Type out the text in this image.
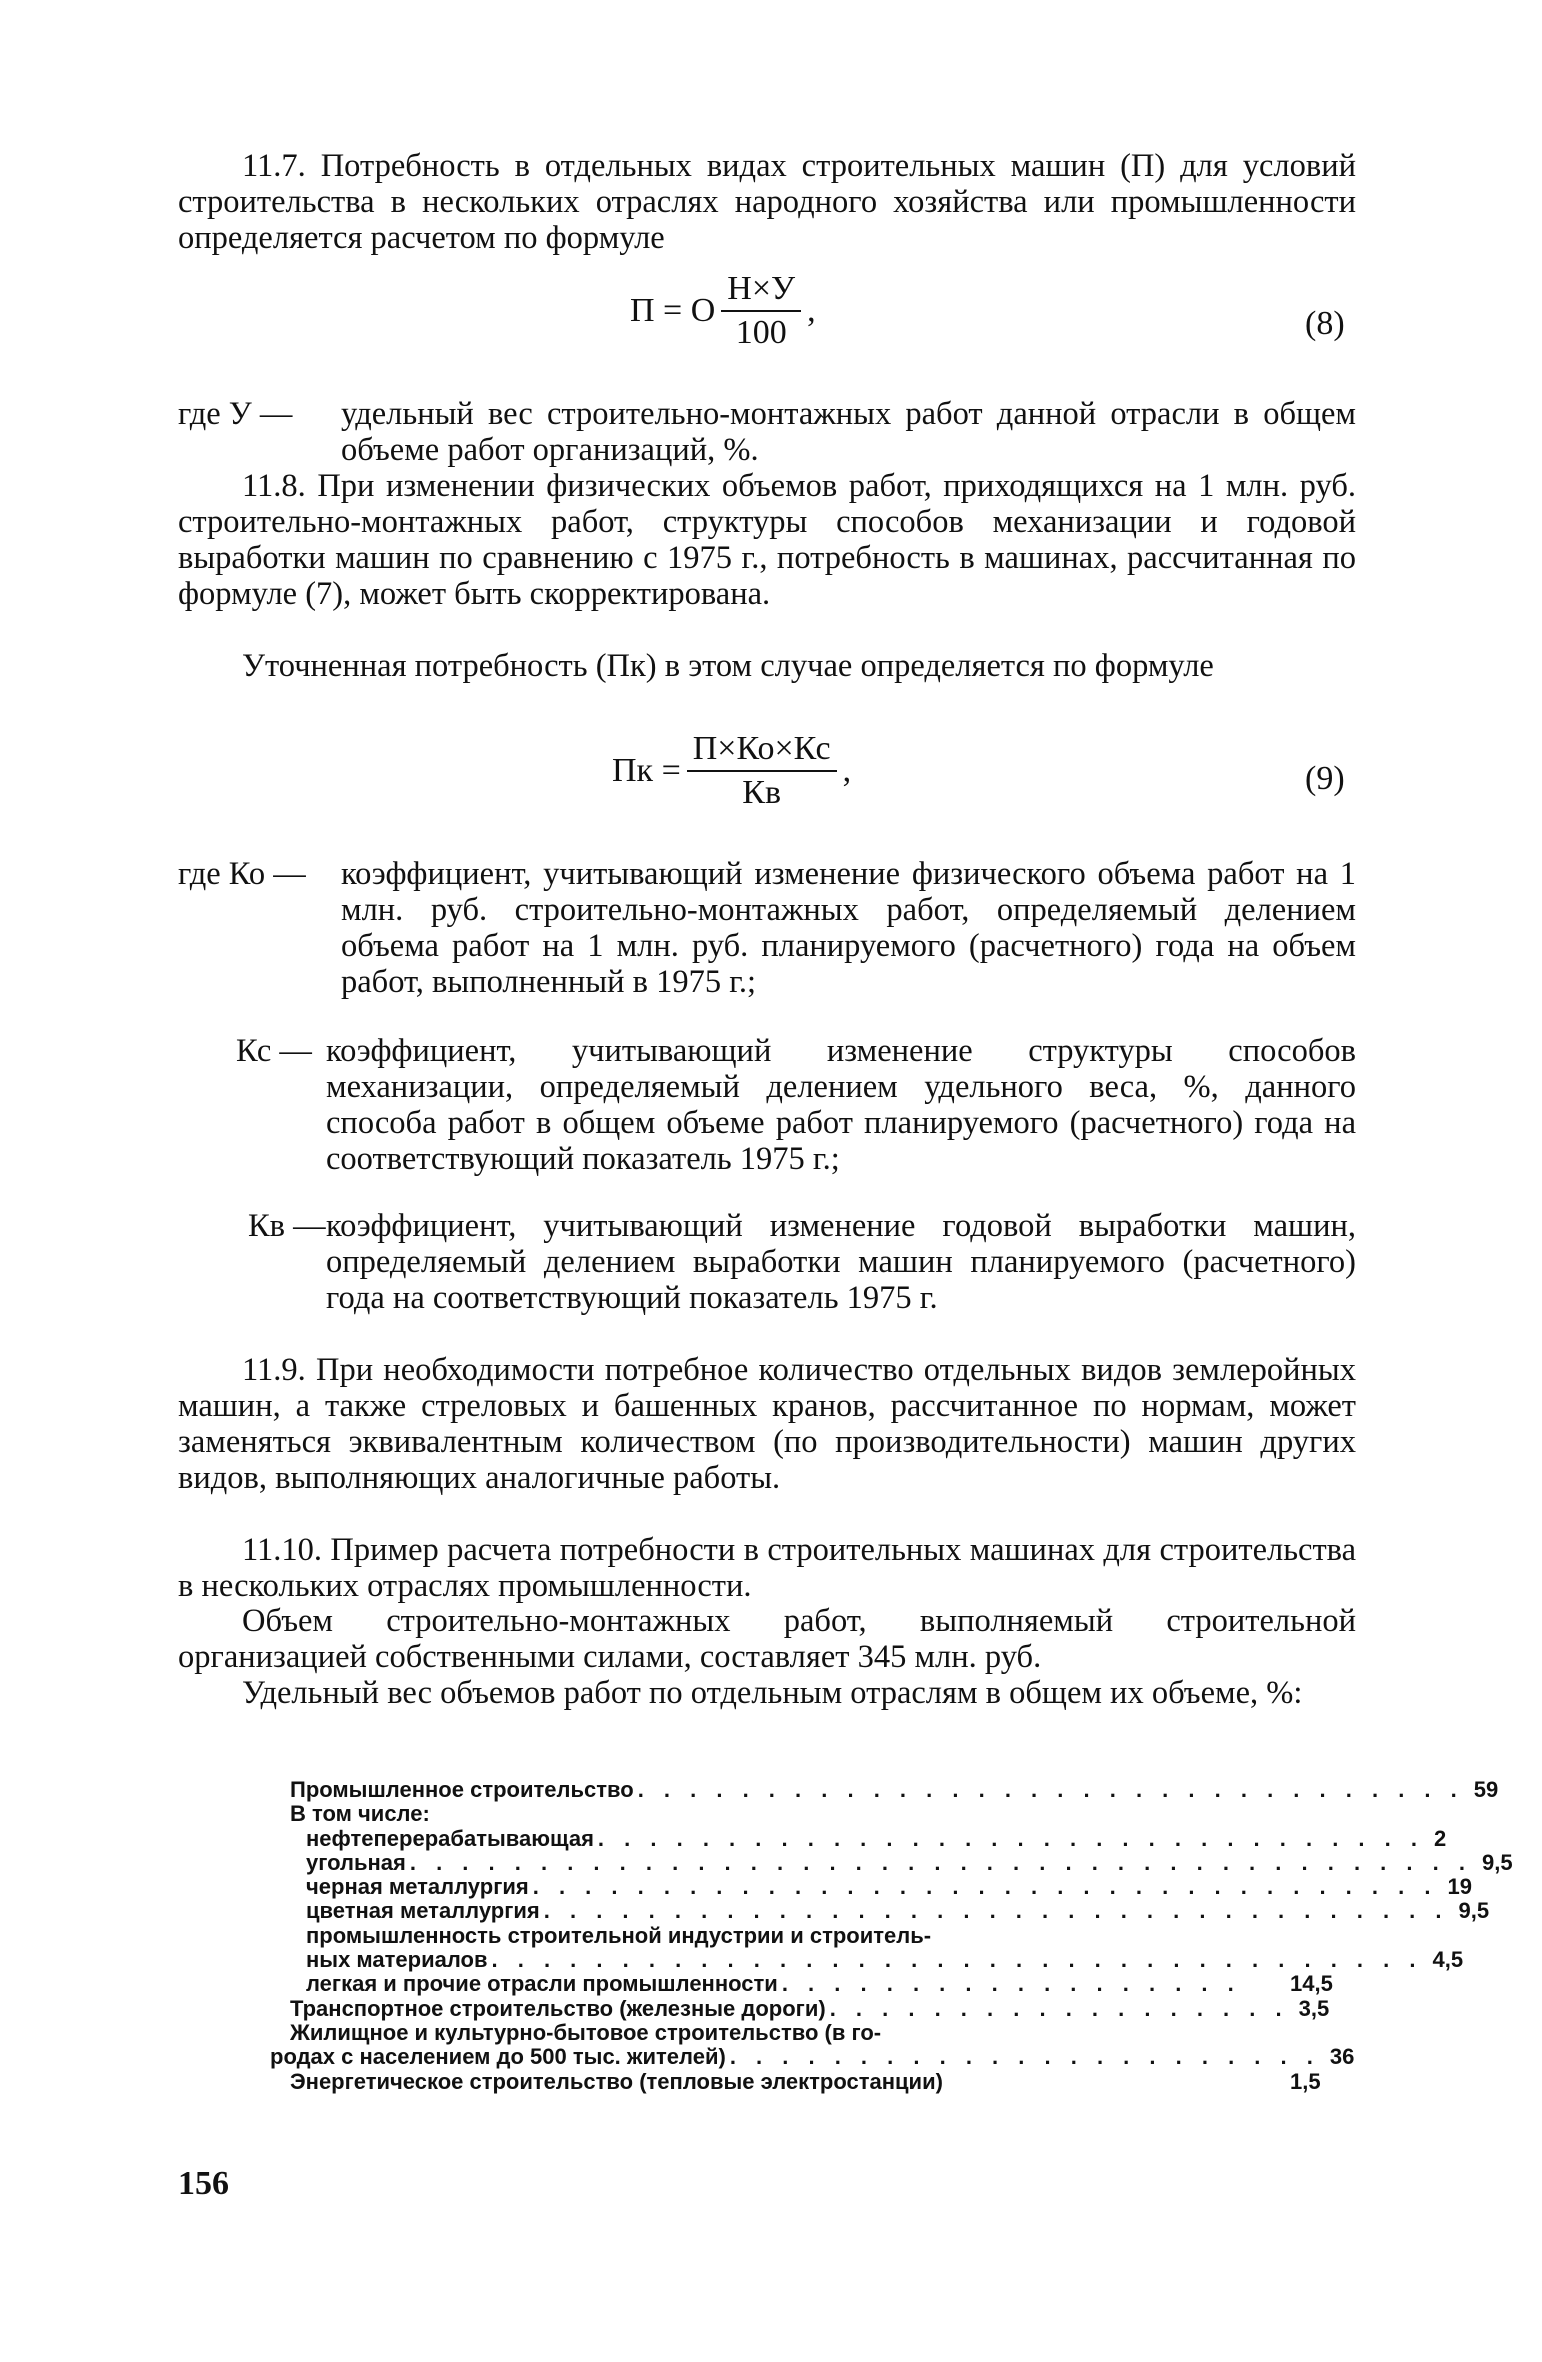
11.7. Потребность в отдельных видах строительных машин (П) для условий строительства в нескольких отраслях народного хозяйства или промышленности определяется расчетом по формуле

П = О $\frac{Н\times У}{100}$ ,	(8)
где У — удельный вес строительно-монтажных работ данной отрасли в общем объеме работ организаций, %.

11.8. При изменении физических объемов работ, приходящихся на 1 млн. руб. строительно-монтажных работ, структуры способов механизации и годовой выработки машин по сравнению с 1975 г., потребность в машинах, рассчитанная по формуле (7), может быть скорректирована.

Уточненная потребность (Пк) в этом случае определяется по формуле

Пк = $\frac{П\times Ко\times Кс}{Кв}$ ,	(9)
где Ко — коэффициент, учитывающий изменение физического объема работ на 1 млн. руб. строительно-монтажных работ, определяемый делением объема работ на 1 млн. руб. планируемого (расчетного) года на объем работ, выполненный в 1975 г.;
Кс — коэффициент, учитывающий изменение структуры способов механизации, определяемый делением удельного веса, %, данного способа работ в общем объеме работ планируемого (расчетного) года на соответствующий показатель 1975 г.;
Кв — коэффициент, учитывающий изменение годовой выработки машин, определяемый делением выработки машин планируемого (расчетного) года на соответствующий показатель 1975 г.

11.9. При необходимости потребное количество отдельных видов землеройных машин, а также стреловых и башенных кранов, рассчитанное по нормам, может заменяться эквивалентным количеством (по производительности) машин других видов, выполняющих аналогичные работы.

11.10. Пример расчета потребности в строительных машинах для строительства в нескольких отраслях промышленности.

Объем строительно-монтажных работ, выполняемый строительной организацией собственными силами, составляет 345 млн. руб.

Удельный вес объемов работ по отдельным отраслям в общем их объеме, %:

Промышленное строительство . . . . . . . . . . . . . . . . . . . . . . . . . . . . . . . . 59
В том числе:
нефтеперерабатывающая . . . . . . . . . . . . . . . . . . . . . . . . . . . . . . . . 2
угольная . . . . . . . . . . . . . . . . . . . . . . . . . . . . . . . . . . . . . . . . . 9,5
черная металлургия . . . . . . . . . . . . . . . . . . . . . . . . . . . . . . . . . . . 19
цветная металлургия . . . . . . . . . . . . . . . . . . . . . . . . . . . . . . . . . . . 9,5
промышленность строительной индустрии и строитель-
ных материалов . . . . . . . . . . . . . . . . . . . . . . . . . . . . . . . . . . . . 4,5
легкая и прочие отрасли промышленности . . . . . . . . . . . . . . . . . .	14,5
Транспортное строительство (железные дороги) . . . . . . . . . . . . . . . . . . 3,5
Жилищное и культурно-бытовое строительство (в го-
родах с населением до 500 тыс. жителей) . . . . . . . . . . . . . . . . . . . . . . . 36
Энергетическое строительство (тепловые электростанции)	1,5
156
